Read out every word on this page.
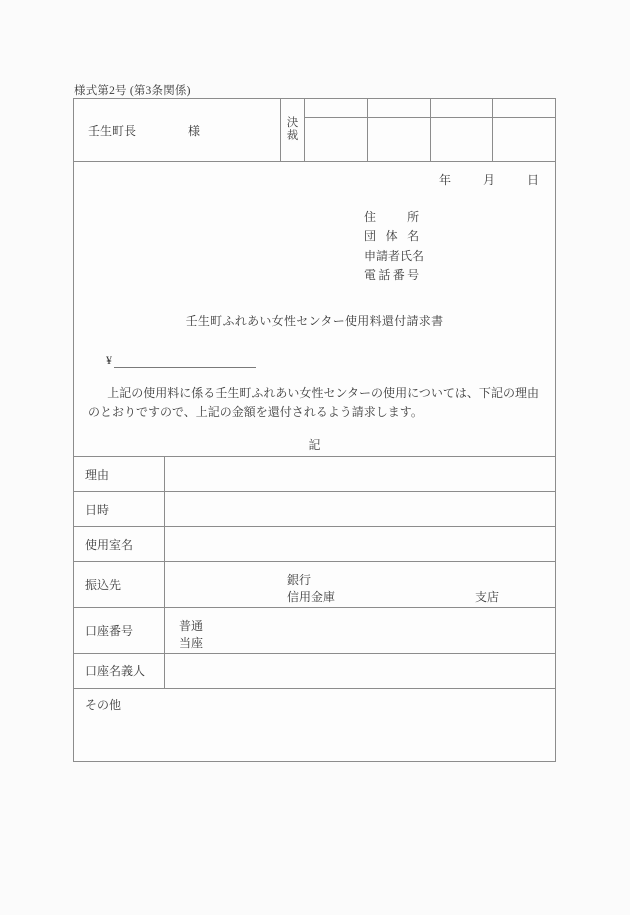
様式第2号 (第3条関係)
壬生町長	様
決
裁
年	月	日
住所
団体名
申請者氏名
電話番号
壬生町ふれあい女性センター使用料還付請求書
¥
上記の使用料に係る壬生町ふれあい女性センターの使用については、下記の理由のとおりですので、上記の金額を還付されるよう請求します。
記
理由
日時
使用室名
振込先	銀行
信用金庫	支店
口座番号	普通
当座
口座名義人
その他
